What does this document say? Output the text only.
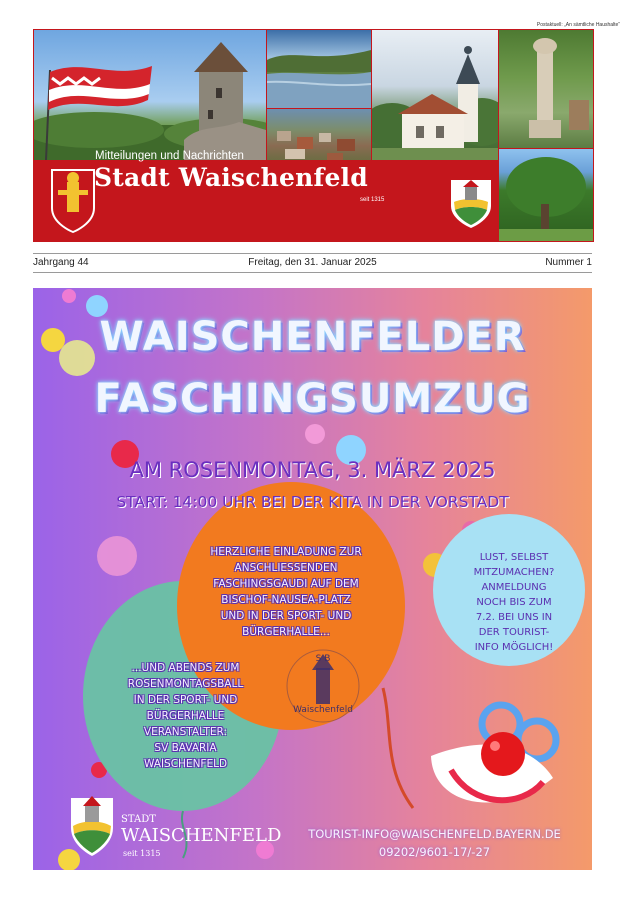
Postaktuell: „An sämtliche Haushalte“
Mitteilungen und Nachrichten
Stadt Waischenfeld
seit 1315
Jahrgang 44	Freitag, den 31. Januar 2025	Nummer 1
WAISCHENFELDER
FASCHINGSUMZUG
AM ROSENMONTAG, 3. MÄRZ 2025
START: 14:00 UHR BEI DER KITA IN DER VORSTADT
HERZLICHE EINLADUNG ZUR
ANSCHLIESSENDEN
FASCHINGSGAUDI AUF DEM
BISCHOF-NAUSEA-PLATZ
UND IN DER SPORT- UND
BÜRGERHALLE...
S B
Waischenfeld
...UND ABENDS ZUM
ROSENMONTAGSBALL
IN DER SPORT- UND
BÜRGERHALLE
VERANSTALTER:
SV BAVARIA
WAISCHENFELD
LUST, SELBST
MITZUMACHEN?
ANMELDUNG
NOCH BIS ZUM
7.2. BEI UNS IN
DER TOURIST-
INFO MÖGLICH!
STADT
WAISCHENFELD
seit 1315
TOURIST-INFO@WAISCHENFELD.BAYERN.DE
09202/9601-17/-27
